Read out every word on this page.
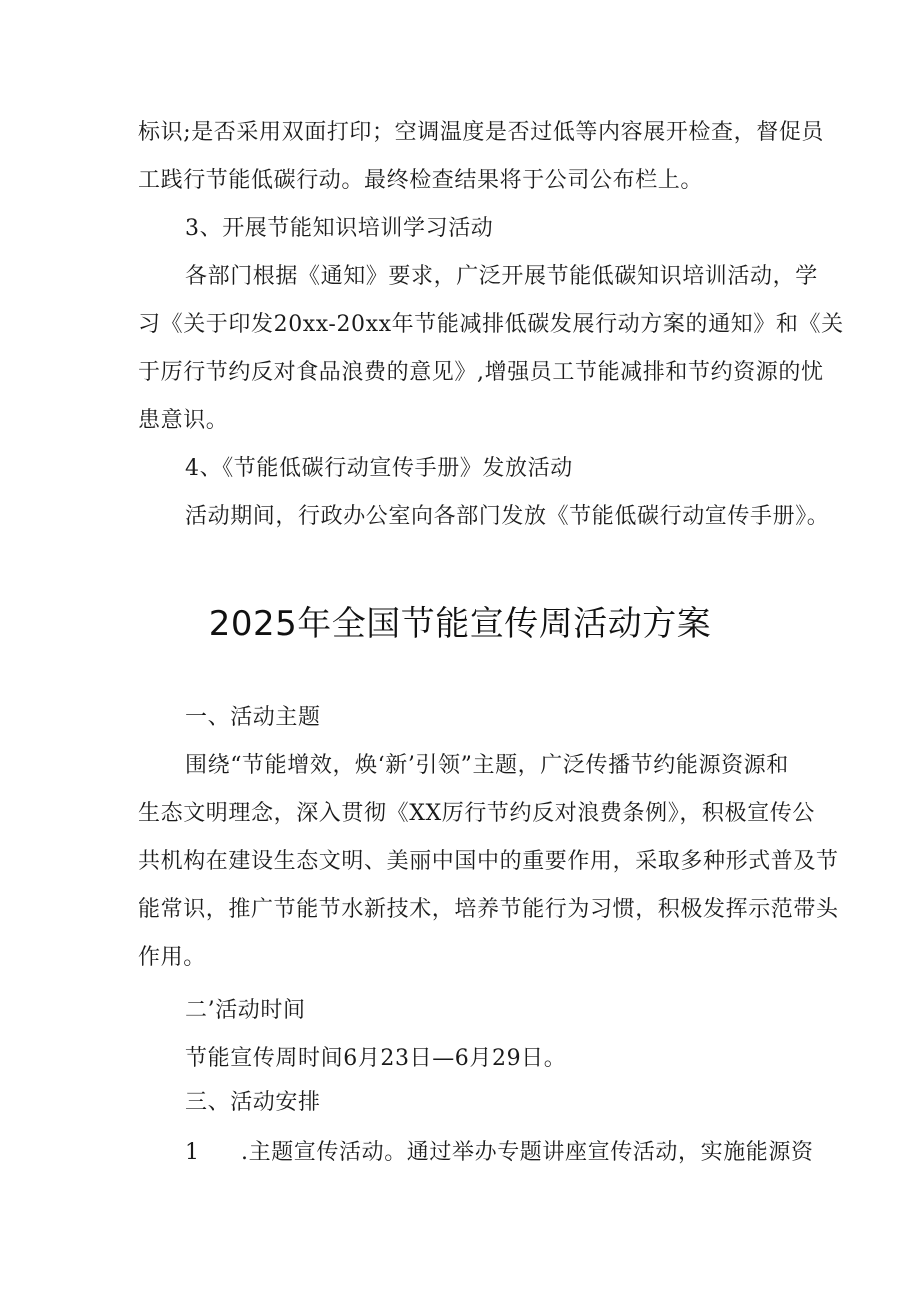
标识;是否采用双面打印；空调温度是否过低等内容展开检查，督促员
工践行节能低碳行动。最终检查结果将于公司公布栏上。
3、开展节能知识培训学习活动
各部门根据《通知》要求，广泛开展节能低碳知识培训活动，学
习《关于印发20xx-20xx年节能减排低碳发展行动方案的通知》和《关
于厉行节约反对食品浪费的意见》,增强员工节能减排和节约资源的忧
患意识。
4、《节能低碳行动宣传手册》发放活动
活动期间，行政办公室向各部门发放《节能低碳行动宣传手册》。
2025年全国节能宣传周活动方案
一、活动主题
围绕“节能增效，焕‘新’引领”主题，广泛传播节约能源资源和
生态文明理念，深入贯彻《XX厉行节约反对浪费条例》，积极宣传公
共机构在建设生态文明、美丽中国中的重要作用，采取多种形式普及节
能常识，推广节能节水新技术，培养节能行为习惯，积极发挥示范带头
作用。
二’活动时间
节能宣传周时间6月23日—6月29日。
三、活动安排
1 .主题宣传活动。通过举办专题讲座宣传活动，实施能源资
